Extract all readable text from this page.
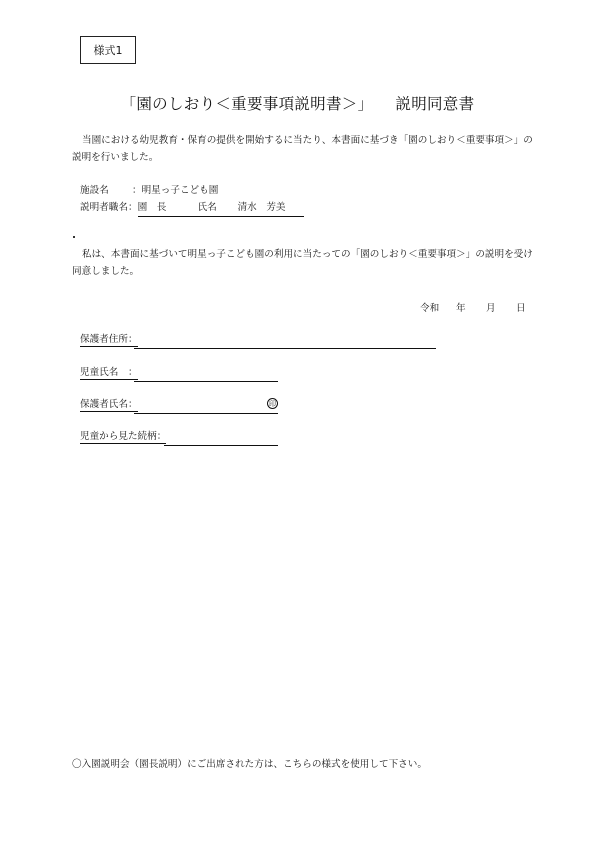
様式1
「園のしおり＜重要事項説明書＞」 説明同意書
当園における幼児教育・保育の提供を開始するに当たり、本書面に基づき「園のしおり＜重要事項＞」の説明を行いました。
施設名 ：明星っ子こども園
説明者職名：園　長	氏名 清水　芳美
私は、本書面に基づいて明星っ子こども園の利用に当たっての「園のしおり＜重要事項＞」の説明を受け同意しました。
令和 年 月 日
保護者住所：
児童氏名　：
保護者氏名：	印
児童から見た続柄：
〇入園説明会（園長説明）にご出席された方は、こちらの様式を使用して下さい。
